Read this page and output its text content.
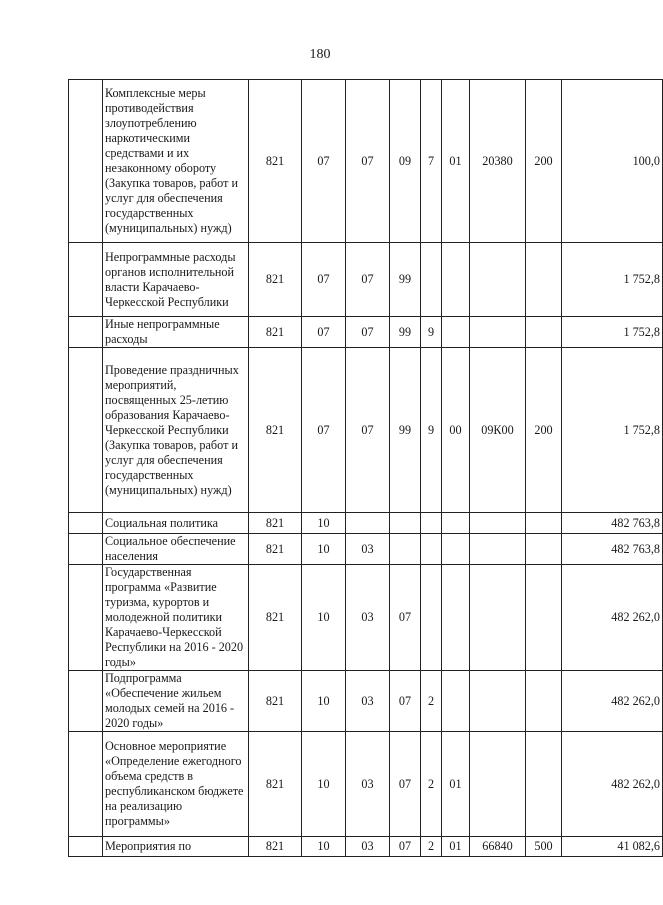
180
	Комплексные меры противодействия злоупотреблению наркотическими средствами и их незаконному обороту (Закупка товаров, работ и услуг для обеспечения государственных (муниципальных) нужд)	821	07	07	09	7	01	20380	200	100,0
	Непрограммные расходы органов исполнительной власти Карачаево-Черкесской Республики	821	07	07	99					1 752,8
	Иные непрограммные расходы	821	07	07	99	9				1 752,8
	Проведение праздничных мероприятий, посвященных 25-летию образования Карачаево-Черкесской Республики (Закупка товаров, работ и услуг для обеспечения государственных (муниципальных) нужд)	821	07	07	99	9	00	09К00	200	1 752,8
	Социальная политика	821	10							482 763,8
	Социальное обеспечение населения	821	10	03						482 763,8
	Государственная программа «Развитие туризма, курортов и молодежной политики Карачаево-Черкесской Республики на 2016 - 2020 годы»	821	10	03	07					482 262,0
	Подпрограмма «Обеспечение жильем молодых семей на 2016 - 2020 годы»	821	10	03	07	2				482 262,0
	Основное мероприятие «Определение ежегодного объема средств в республиканском бюджете на реализацию программы»	821	10	03	07	2	01			482 262,0
	Мероприятия по	821	10	03	07	2	01	66840	500	41 082,6
